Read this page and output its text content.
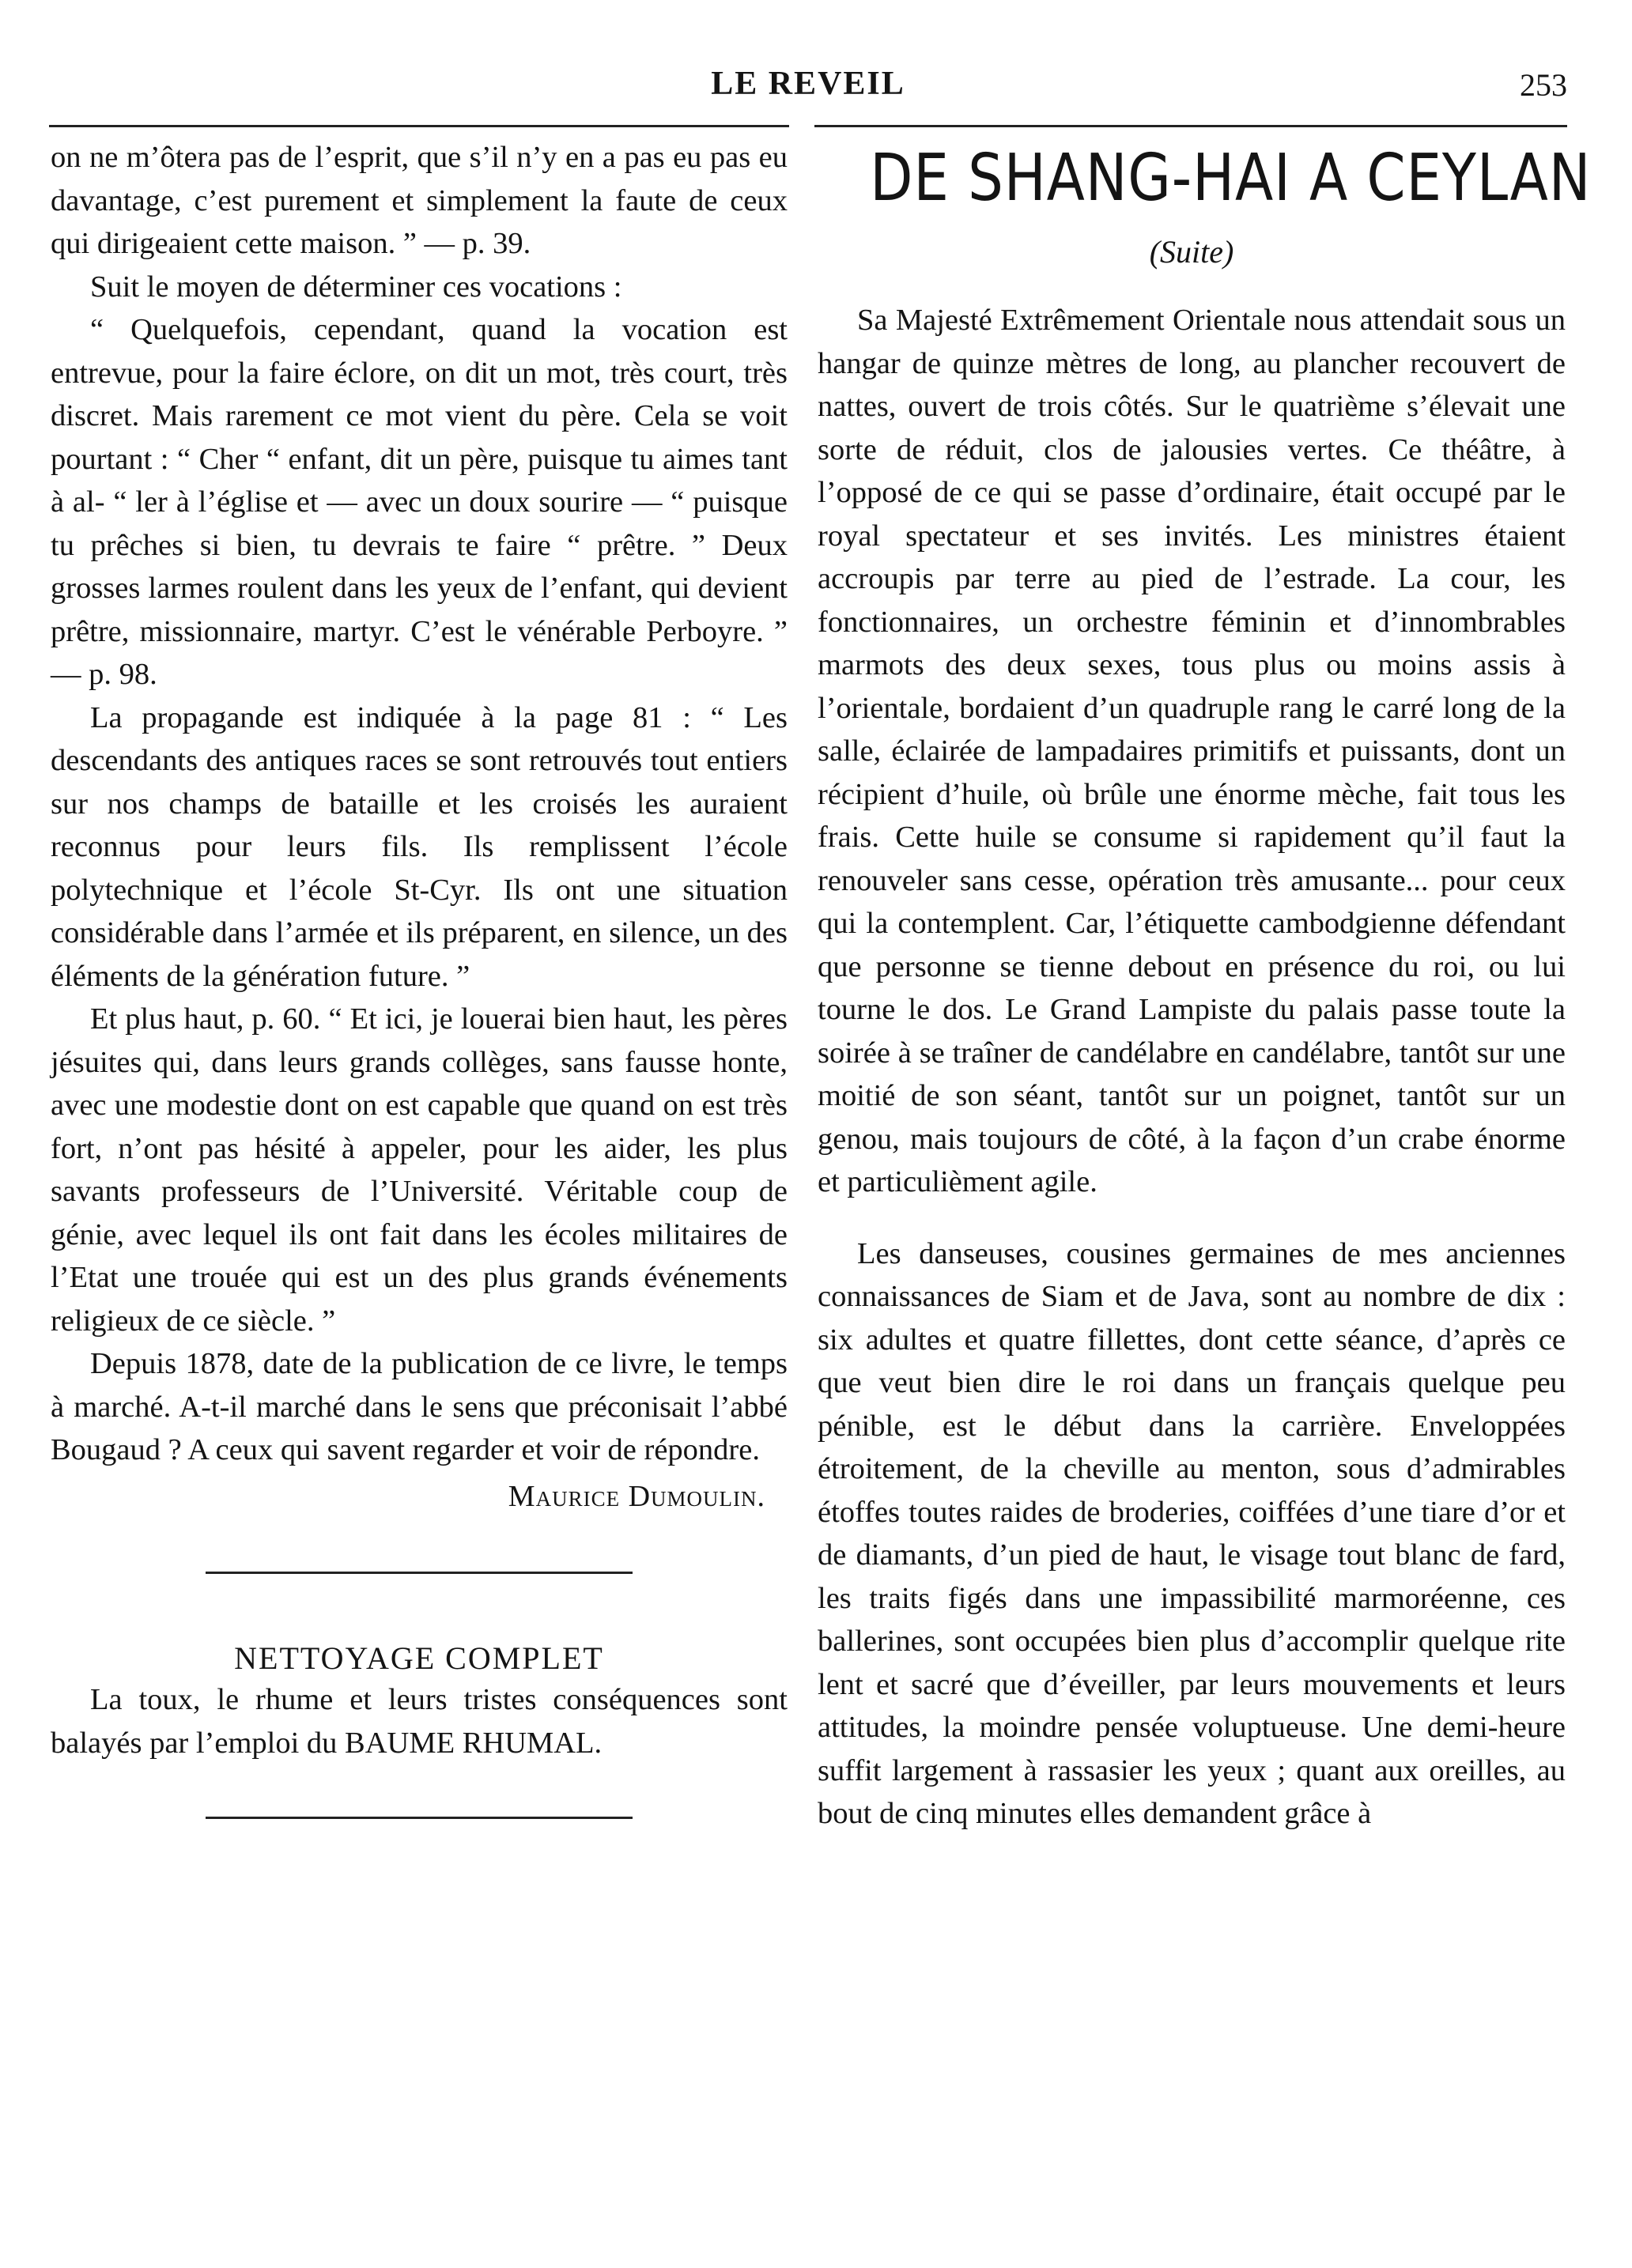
LE REVEIL	253

on ne m’ôtera pas de l’esprit, que s’il n’y en a pas eu pas eu davantage, c’est purement et simplement la faute de ceux qui dirigeaient cette maison. ” — p. 39.

Suit le moyen de déterminer ces vocations :

“ Quelquefois, cependant, quand la vocation est entrevue, pour la faire éclore, on dit un mot, très court, très discret. Mais rarement ce mot vient du père. Cela se voit pourtant : “ Cher “ enfant, dit un père, puisque tu aimes tant à al- “ ler à l’église et — avec un doux sourire — “ puisque tu prêches si bien, tu devrais te faire “ prêtre. ” Deux grosses larmes roulent dans les yeux de l’enfant, qui devient prêtre, missionnaire, martyr. C’est le vénérable Perboyre. ” — p. 98.

La propagande est indiquée à la page 81 : “ Les descendants des antiques races se sont retrouvés tout entiers sur nos champs de bataille et les croisés les auraient reconnus pour leurs fils. Ils remplissent l’école polytechnique et l’école St-Cyr. Ils ont une situation considérable dans l’armée et ils préparent, en silence, un des éléments de la génération future. ”

Et plus haut, p. 60. “ Et ici, je louerai bien haut, les pères jésuites qui, dans leurs grands collèges, sans fausse honte, avec une modestie dont on est capable que quand on est très fort, n’ont pas hésité à appeler, pour les aider, les plus savants professeurs de l’Université. Véritable coup de génie, avec lequel ils ont fait dans les écoles militaires de l’Etat une trouée qui est un des plus grands événements religieux de ce siècle. ”

Depuis 1878, date de la publication de ce livre, le temps à marché. A-t-il marché dans le sens que préconisait l’abbé Bougaud ? A ceux qui savent regarder et voir de répondre.

Maurice Dumoulin.
NETTOYAGE COMPLET

La toux, le rhume et leurs tristes conséquences sont balayés par l’emploi du BAUME RHUMAL.

DE SHANG-HAI A CEYLAN
(Suite)

Sa Majesté Extrêmement Orientale nous attendait sous un hangar de quinze mètres de long, au plancher recouvert de nattes, ouvert de trois côtés. Sur le quatrième s’élevait une sorte de réduit, clos de jalousies vertes. Ce théâtre, à l’opposé de ce qui se passe d’ordinaire, était occupé par le royal spectateur et ses invités. Les ministres étaient accroupis par terre au pied de l’estrade. La cour, les fonctionnaires, un orchestre féminin et d’innombrables marmots des deux sexes, tous plus ou moins assis à l’orientale, bordaient d’un quadruple rang le carré long de la salle, éclairée de lampadaires primitifs et puissants, dont un récipient d’huile, où brûle une énorme mèche, fait tous les frais. Cette huile se consume si rapidement qu’il faut la renouveler sans cesse, opération très amusante... pour ceux qui la contemplent. Car, l’étiquette cambodgienne défendant que personne se tienne debout en présence du roi, ou lui tourne le dos. Le Grand Lampiste du palais passe toute la soirée à se traîner de candélabre en candélabre, tantôt sur une moitié de son séant, tantôt sur un poignet, tantôt sur un genou, mais toujours de côté, à la façon d’un crabe énorme et particulièment agile.

Les danseuses, cousines germaines de mes anciennes connaissances de Siam et de Java, sont au nombre de dix : six adultes et quatre fillettes, dont cette séance, d’après ce que veut bien dire le roi dans un français quelque peu pénible, est le début dans la carrière. Enveloppées étroitement, de la cheville au menton, sous d’admirables étoffes toutes raides de broderies, coiffées d’une tiare d’or et de diamants, d’un pied de haut, le visage tout blanc de fard, les traits figés dans une impassibilité marmoréenne, ces ballerines, sont occupées bien plus d’accomplir quelque rite lent et sacré que d’éveiller, par leurs mouvements et leurs attitudes, la moindre pensée voluptueuse. Une demi-heure suffit largement à rassasier les yeux ; quant aux oreilles, au bout de cinq minutes elles demandent grâce à
